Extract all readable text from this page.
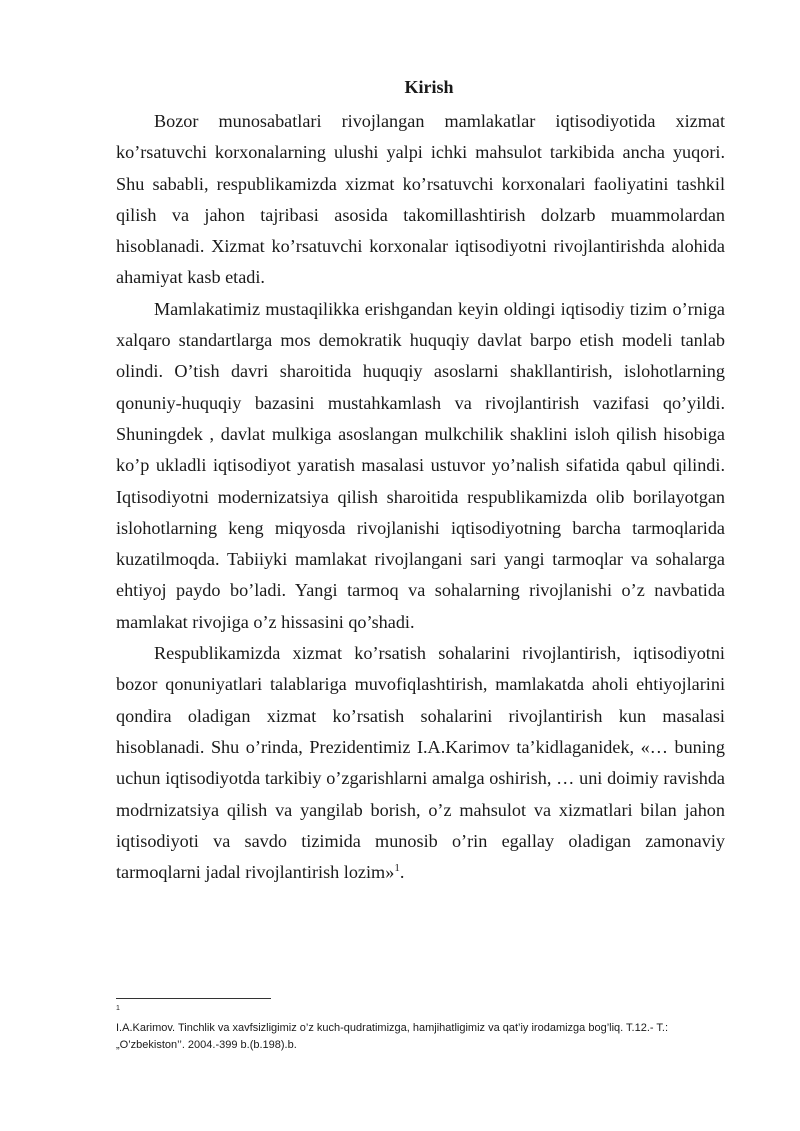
Kirish

Bozor munosabatlari rivojlangan mamlakatlar iqtisodiyotida xizmat ko’rsatuvchi korxonalarning ulushi yalpi ichki mahsulot tarkibida ancha yuqori. Shu sababli, respublikamizda xizmat ko’rsatuvchi korxonalari faoliyatini tashkil qilish va jahon tajribasi asosida takomillashtirish dolzarb muammolardan hisoblanadi. Xizmat ko’rsatuvchi korxonalar iqtisodiyotni rivojlantirishda alohida ahamiyat kasb etadi.

Mamlakatimiz mustaqilikka erishgandan keyin oldingi iqtisodiy tizim o’rniga xalqaro standartlarga mos demokratik huquqiy davlat barpo etish modeli tanlab olindi. O’tish davri sharoitida huquqiy asoslarni shakllantirish, islohotlarning qonuniy-huquqiy bazasini mustahkamlash va rivojlantirish vazifasi qo’yildi. Shuningdek , davlat mulkiga asoslangan mulkchilik shaklini isloh qilish hisobiga ko’p ukladli iqtisodiyot yaratish masalasi ustuvor yo’nalish sifatida qabul qilindi. Iqtisodiyotni modernizatsiya qilish sharoitida respublikamizda olib borilayotgan islohotlarning keng miqyosda rivojlanishi iqtisodiyotning barcha tarmoqlarida kuzatilmoqda. Tabiiyki mamlakat rivojlangani sari yangi tarmoqlar va sohalarga ehtiyoj paydo bo’ladi. Yangi tarmoq va sohalarning rivojlanishi o’z navbatida mamlakat rivojiga o’z hissasini qo’shadi.

Respublikamizda xizmat ko’rsatish sohalarini rivojlantirish, iqtisodiyotni bozor qonuniyatlari talablariga muvofiqlashtirish, mamlakatda aholi ehtiyojlarini qondira oladigan xizmat ko’rsatish sohalarini rivojlantirish kun masalasi hisoblanadi. Shu o’rinda, Prezidentimiz I.A.Karimov ta’kidlaganidek, «… buning uchun iqtisodiyotda tarkibiy o’zgarishlarni amalga oshirish, … uni doimiy ravishda modrnizatsiya qilish va yangilab borish, o’z mahsulot va xizmatlari bilan jahon iqtisodiyoti va savdo tizimida munosib o’rin egallay oladigan zamonaviy tarmoqlarni jadal rivojlantirish lozim»$^1$.

1

I.A.Karimov. Tinchlik va xavfsizligimiz o’z kuch-qudratimizga, hamjihatligimiz va qat’iy irodamizga bog’liq. T.12.- T.: „O’zbekiston’’. 2004.-399 b.(b.198).b.
